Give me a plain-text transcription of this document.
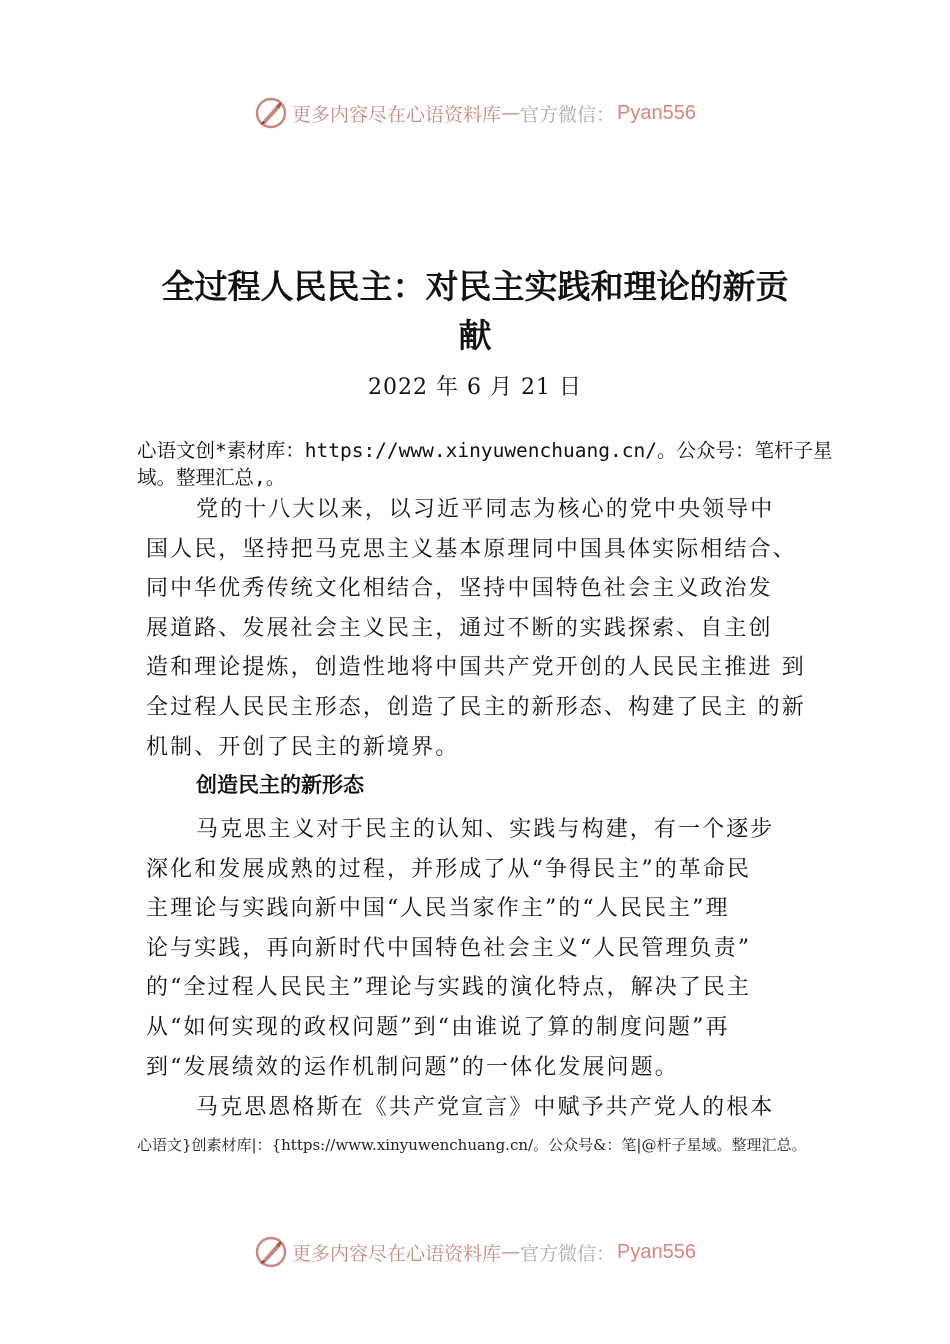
更多内容尽在心语资料库 — 官方微信： Pyan556
全过程人民民主：对民主实践和理论的新贡
献
2022 年 6 月 21 日
心语文创*素材库：https://www.xinyuwenchuang.cn/。公众号：笔杆子星域。整理汇总,。
党的十八大以来，以习近平同志为核心的党中央领导中
国人民，坚持把马克思主义基本原理同中国具体实际相结合、
同中华优秀传统文化相结合，坚持中国特色社会主义政治发
展道路、发展社会主义民主，通过不断的实践探索、自主创
造和理论提炼，创造性地将中国共产党开创的人民民主推进 到
全过程人民民主形态，创造了民主的新形态、构建了民主 的新
机制、开创了民主的新境界。
创造民主的新形态
马克思主义对于民主的认知、实践与构建，有一个逐步
深化和发展成熟的过程，并形成了从“争得民主”的革命民
主理论与实践向新中国“人民当家作主”的“人民民主”理
论与实践，再向新时代中国特色社会主义“人民管理负责”
的“全过程人民民主”理论与实践的演化特点，解决了民主
从“如何实现的政权问题”到“由谁说了算的制度问题”再
到“发展绩效的运作机制问题”的一体化发展问题。
马克思恩格斯在《共产党宣言》中赋予共产党人的根本
心语文}创素材库|：{https://www.xinyuwenchuang.cn/。公众号&：笔|@杆子星域。整理汇总。
更多内容尽在心语资料库 — 官方微信： Pyan556
